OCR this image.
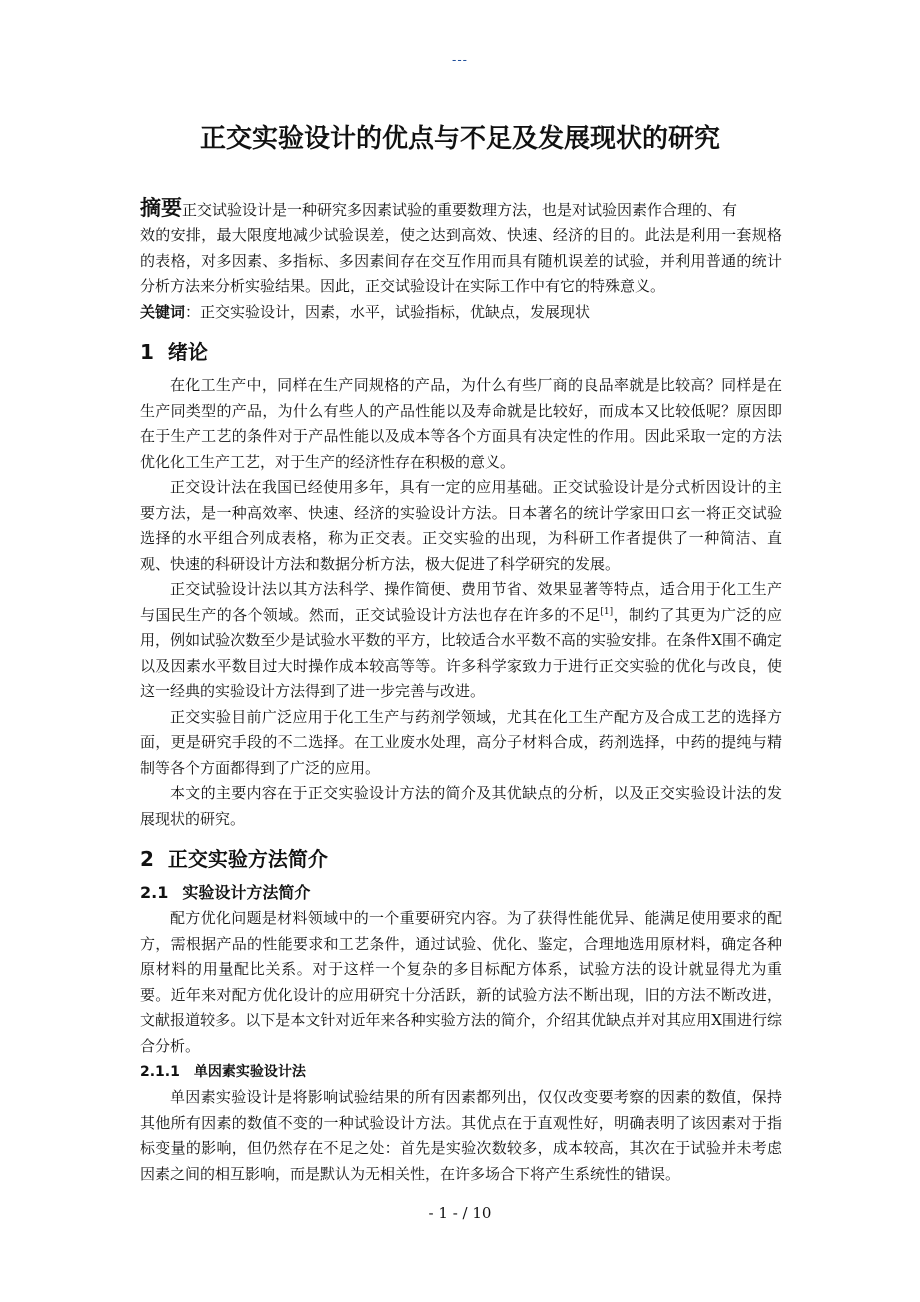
---
正交实验设计的优点与不足及发展现状的研究

摘要正交试验设计是一种研究多因素试验的重要数理方法，也是对试验因素作合理的、有

效的安排，最大限度地减少试验误差，使之达到高效、快速、经济的目的。此法是利用一套规格的表格，对多因素、多指标、多因素间存在交互作用而具有随机误差的试验，并利用普通的统计分析方法来分析实验结果。因此，正交试验设计在实际工作中有它的特殊意义。

关键词：正交实验设计，因素，水平，试验指标，优缺点，发展现状

1 绪论

在化工生产中，同样在生产同规格的产品，为什么有些厂商的良品率就是比较高？同样是在生产同类型的产品，为什么有些人的产品性能以及寿命就是比较好，而成本又比较低呢？原因即在于生产工艺的条件对于产品性能以及成本等各个方面具有决定性的作用。因此采取一定的方法优化化工生产工艺，对于生产的经济性存在积极的意义。

正交设计法在我国已经使用多年，具有一定的应用基础。正交试验设计是分式析因设计的主要方法，是一种高效率、快速、经济的实验设计方法。日本著名的统计学家田口玄一将正交试验选择的水平组合列成表格，称为正交表。正交实验的出现，为科研工作者提供了一种简洁、直观、快速的科研设计方法和数据分析方法，极大促进了科学研究的发展。

正交试验设计法以其方法科学、操作简便、费用节省、效果显著等特点，适合用于化工生产与国民生产的各个领域。然而，正交试验设计方法也存在许多的不足[1]，制约了其更为广泛的应用，例如试验次数至少是试验水平数的平方，比较适合水平数不高的实验安排。在条件X围不确定以及因素水平数目过大时操作成本较高等等。许多科学家致力于进行正交实验的优化与改良，使这一经典的实验设计方法得到了进一步完善与改进。

正交实验目前广泛应用于化工生产与药剂学领域，尤其在化工生产配方及合成工艺的选择方面，更是研究手段的不二选择。在工业废水处理，高分子材料合成，药剂选择，中药的提纯与精制等各个方面都得到了广泛的应用。

本文的主要内容在于正交实验设计方法的简介及其优缺点的分析，以及正交实验设计法的发展现状的研究。

2 正交实验方法简介
2.1 实验设计方法简介

配方优化问题是材料领域中的一个重要研究内容。为了获得性能优异、能满足使用要求的配方，需根据产品的性能要求和工艺条件，通过试验、优化、鉴定，合理地选用原材料，确定各种原材料的用量配比关系。对于这样一个复杂的多目标配方体系，试验方法的设计就显得尤为重要。近年来对配方优化设计的应用研究十分活跃，新的试验方法不断出现，旧的方法不断改进，文献报道较多。以下是本文针对近年来各种实验方法的简介，介绍其优缺点并对其应用X围进行综合分析。

2.1.1 单因素实验设计法

单因素实验设计是将影响试验结果的所有因素都列出，仅仅改变要考察的因素的数值，保持其他所有因素的数值不变的一种试验设计方法。其优点在于直观性好，明确表明了该因素对于指标变量的影响，但仍然存在不足之处：首先是实验次数较多，成本较高，其次在于试验并未考虑因素之间的相互影响，而是默认为无相关性，在许多场合下将产生系统性的错误。

- 1 - / 10
